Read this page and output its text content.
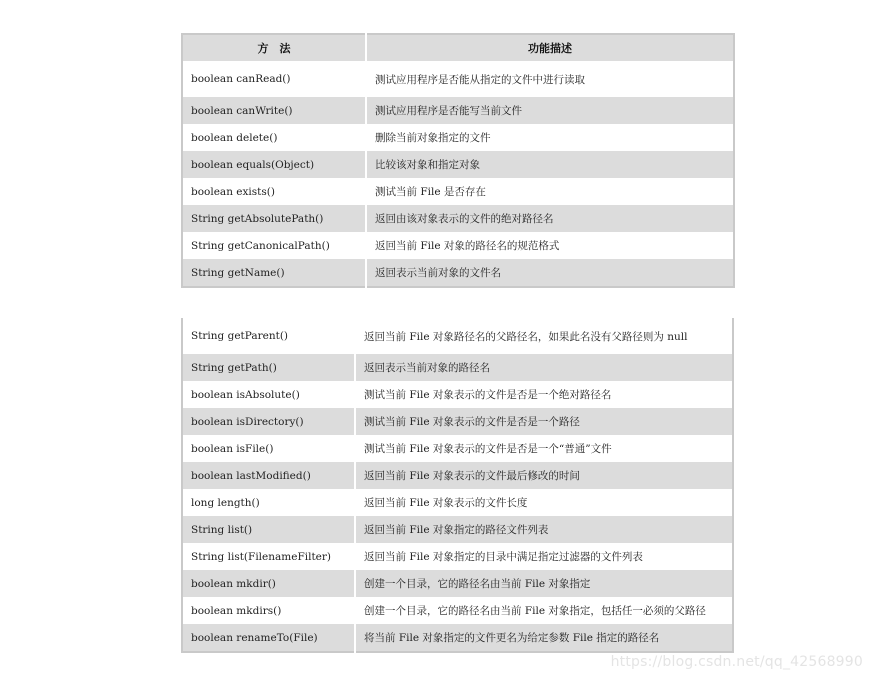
方　法	功能描述
boolean canRead()	测试应用程序是否能从指定的文件中进行读取
boolean canWrite()	测试应用程序是否能写当前文件
boolean delete()	删除当前对象指定的文件
boolean equals(Object)	比较该对象和指定对象
boolean exists()	测试当前 File 是否存在
String getAbsolutePath()	返回由该对象表示的文件的绝对路径名
String getCanonicalPath()	返回当前 File 对象的路径名的规范格式
String getName()	返回表示当前对象的文件名
String getParent()	返回当前 File 对象路径名的父路径名，如果此名没有父路径则为 null
String getPath()	返回表示当前对象的路径名
boolean isAbsolute()	测试当前 File 对象表示的文件是否是一个绝对路径名
boolean isDirectory()	测试当前 File 对象表示的文件是否是一个路径
boolean isFile()	测试当前 File 对象表示的文件是否是一个“普通”文件
boolean lastModified()	返回当前 File 对象表示的文件最后修改的时间
long length()	返回当前 File 对象表示的文件长度
String list()	返回当前 File 对象指定的路径文件列表
String list(FilenameFilter)	返回当前 File 对象指定的目录中满足指定过滤器的文件列表
boolean mkdir()	创建一个目录，它的路径名由当前 File 对象指定
boolean mkdirs()	创建一个目录，它的路径名由当前 File 对象指定，包括任一必须的父路径
boolean renameTo(File)	将当前 File 对象指定的文件更名为给定参数 File 指定的路径名
https://blog.csdn.net/qq_42568990
